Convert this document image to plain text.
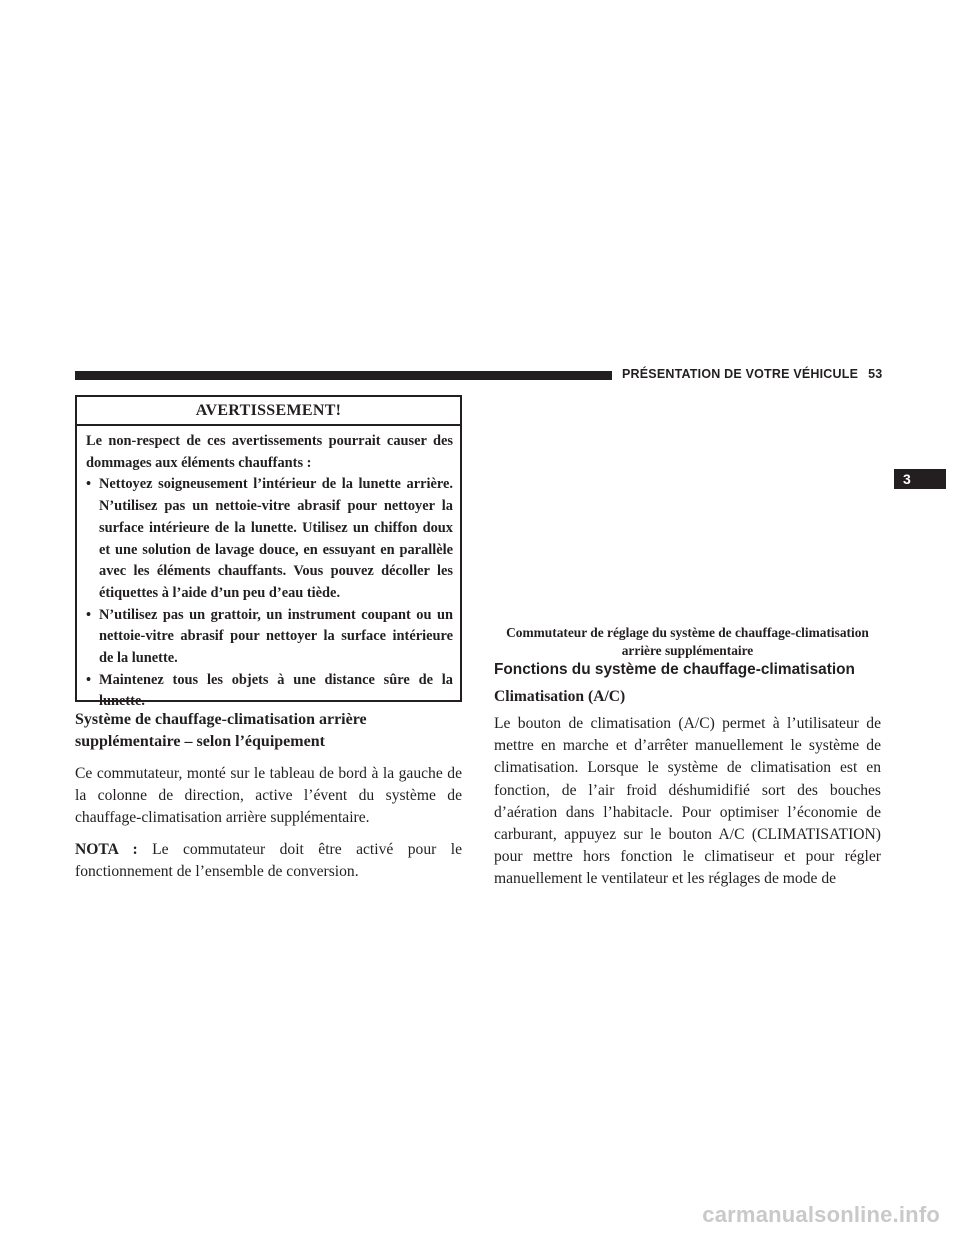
PRÉSENTATION DE VOTRE VÉHICULE 53
3
AVERTISSEMENT!

Le non-respect de ces avertissements pourrait causer des dommages aux éléments chauffants :

• Nettoyez soigneusement l’intérieur de la lunette arrière. N’utilisez pas un nettoie-vitre abrasif pour nettoyer la surface intérieure de la lunette. Utilisez un chiffon doux et une solution de lavage douce, en essuyant en parallèle avec les éléments chauffants. Vous pouvez décoller les étiquettes à l’aide d’un peu d’eau tiède.
• N’utilisez pas un grattoir, un instrument coupant ou un nettoie-vitre abrasif pour nettoyer la surface intérieure de la lunette.
• Maintenez tous les objets à une distance sûre de la lunette.
Système de chauffage-climatisation arrière supplémentaire – selon l’équipement

Ce commutateur, monté sur le tableau de bord à la gauche de la colonne de direction, active l’évent du système de chauffage-climatisation arrière supplémentaire.

NOTA : Le commutateur doit être activé pour le fonctionnement de l’ensemble de conversion.

Commutateur de réglage du système de chauffage-climatisation arrière supplémentaire
Fonctions du système de chauffage-climatisation
Climatisation (A/C)

Le bouton de climatisation (A/C) permet à l’utilisateur de mettre en marche et d’arrêter manuellement le système de climatisation. Lorsque le système de climatisation est en fonction, de l’air froid déshumidifié sort des bouches d’aération dans l’habitacle. Pour optimiser l’économie de carburant, appuyez sur le bouton A/C (CLIMATISATION) pour mettre hors fonction le climatiseur et pour régler manuellement le ventilateur et les réglages de mode de

carmanualsonline.info
